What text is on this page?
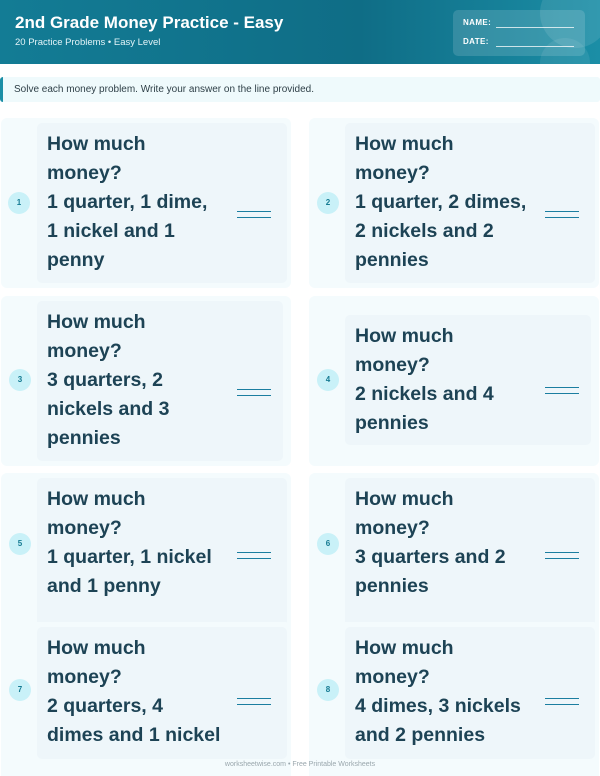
2nd Grade Money Practice - Easy
20 Practice Problems • Easy Level
NAME:
DATE:
Solve each money problem. Write your answer on the line provided.
How much
money?
1 quarter, 1 dime,
1 nickel and 1
penny
1
How much
money?
1 quarter, 2 dimes,
2 nickels and 2
pennies
2
How much
money?
3 quarters, 2
nickels and 3
pennies
3
How much
money?
2 nickels and 4
pennies
4
How much
money?
1 quarter, 1 nickel
and 1 penny
5
How much
money?
3 quarters and 2
pennies
6
How much
money?
2 quarters, 4
dimes and 1 nickel
7
How much
money?
4 dimes, 3 nickels
and 2 pennies
8
worksheetwise.com • Free Printable Worksheets
